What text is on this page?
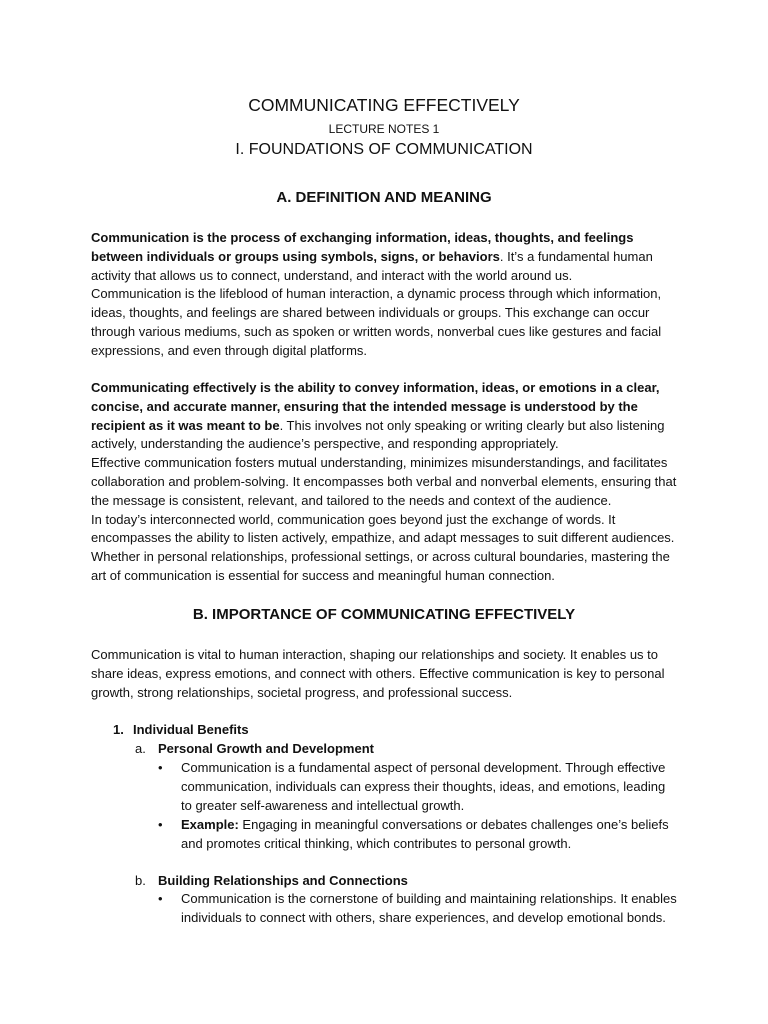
COMMUNICATING EFFECTIVELY
LECTURE NOTES 1
I. FOUNDATIONS OF COMMUNICATION
A. DEFINITION AND MEANING

Communication is the process of exchanging information, ideas, thoughts, and feelings between individuals or groups using symbols, signs, or behaviors. It’s a fundamental human activity that allows us to connect, understand, and interact with the world around us.

Communication is the lifeblood of human interaction, a dynamic process through which information, ideas, thoughts, and feelings are shared between individuals or groups. This exchange can occur through various mediums, such as spoken or written words, nonverbal cues like gestures and facial expressions, and even through digital platforms.

Communicating effectively is the ability to convey information, ideas, or emotions in a clear, concise, and accurate manner, ensuring that the intended message is understood by the recipient as it was meant to be. This involves not only speaking or writing clearly but also listening actively, understanding the audience’s perspective, and responding appropriately.

Effective communication fosters mutual understanding, minimizes misunderstandings, and facilitates collaboration and problem-solving. It encompasses both verbal and nonverbal elements, ensuring that the message is consistent, relevant, and tailored to the needs and context of the audience.

In today’s interconnected world, communication goes beyond just the exchange of words. It encompasses the ability to listen actively, empathize, and adapt messages to suit different audiences. Whether in personal relationships, professional settings, or across cultural boundaries, mastering the art of communication is essential for success and meaningful human connection.

B. IMPORTANCE OF COMMUNICATING EFFECTIVELY

Communication is vital to human interaction, shaping our relationships and society. It enables us to share ideas, express emotions, and connect with others. Effective communication is key to personal growth, strong relationships, societal progress, and professional success.

1. Individual Benefits
a. Personal Growth and Development
• Communication is a fundamental aspect of personal development. Through effective communication, individuals can express their thoughts, ideas, and emotions, leading to greater self-awareness and intellectual growth.
• Example: Engaging in meaningful conversations or debates challenges one’s beliefs and promotes critical thinking, which contributes to personal growth.
b. Building Relationships and Connections
• Communication is the cornerstone of building and maintaining relationships. It enables individuals to connect with others, share experiences, and develop emotional bonds.
